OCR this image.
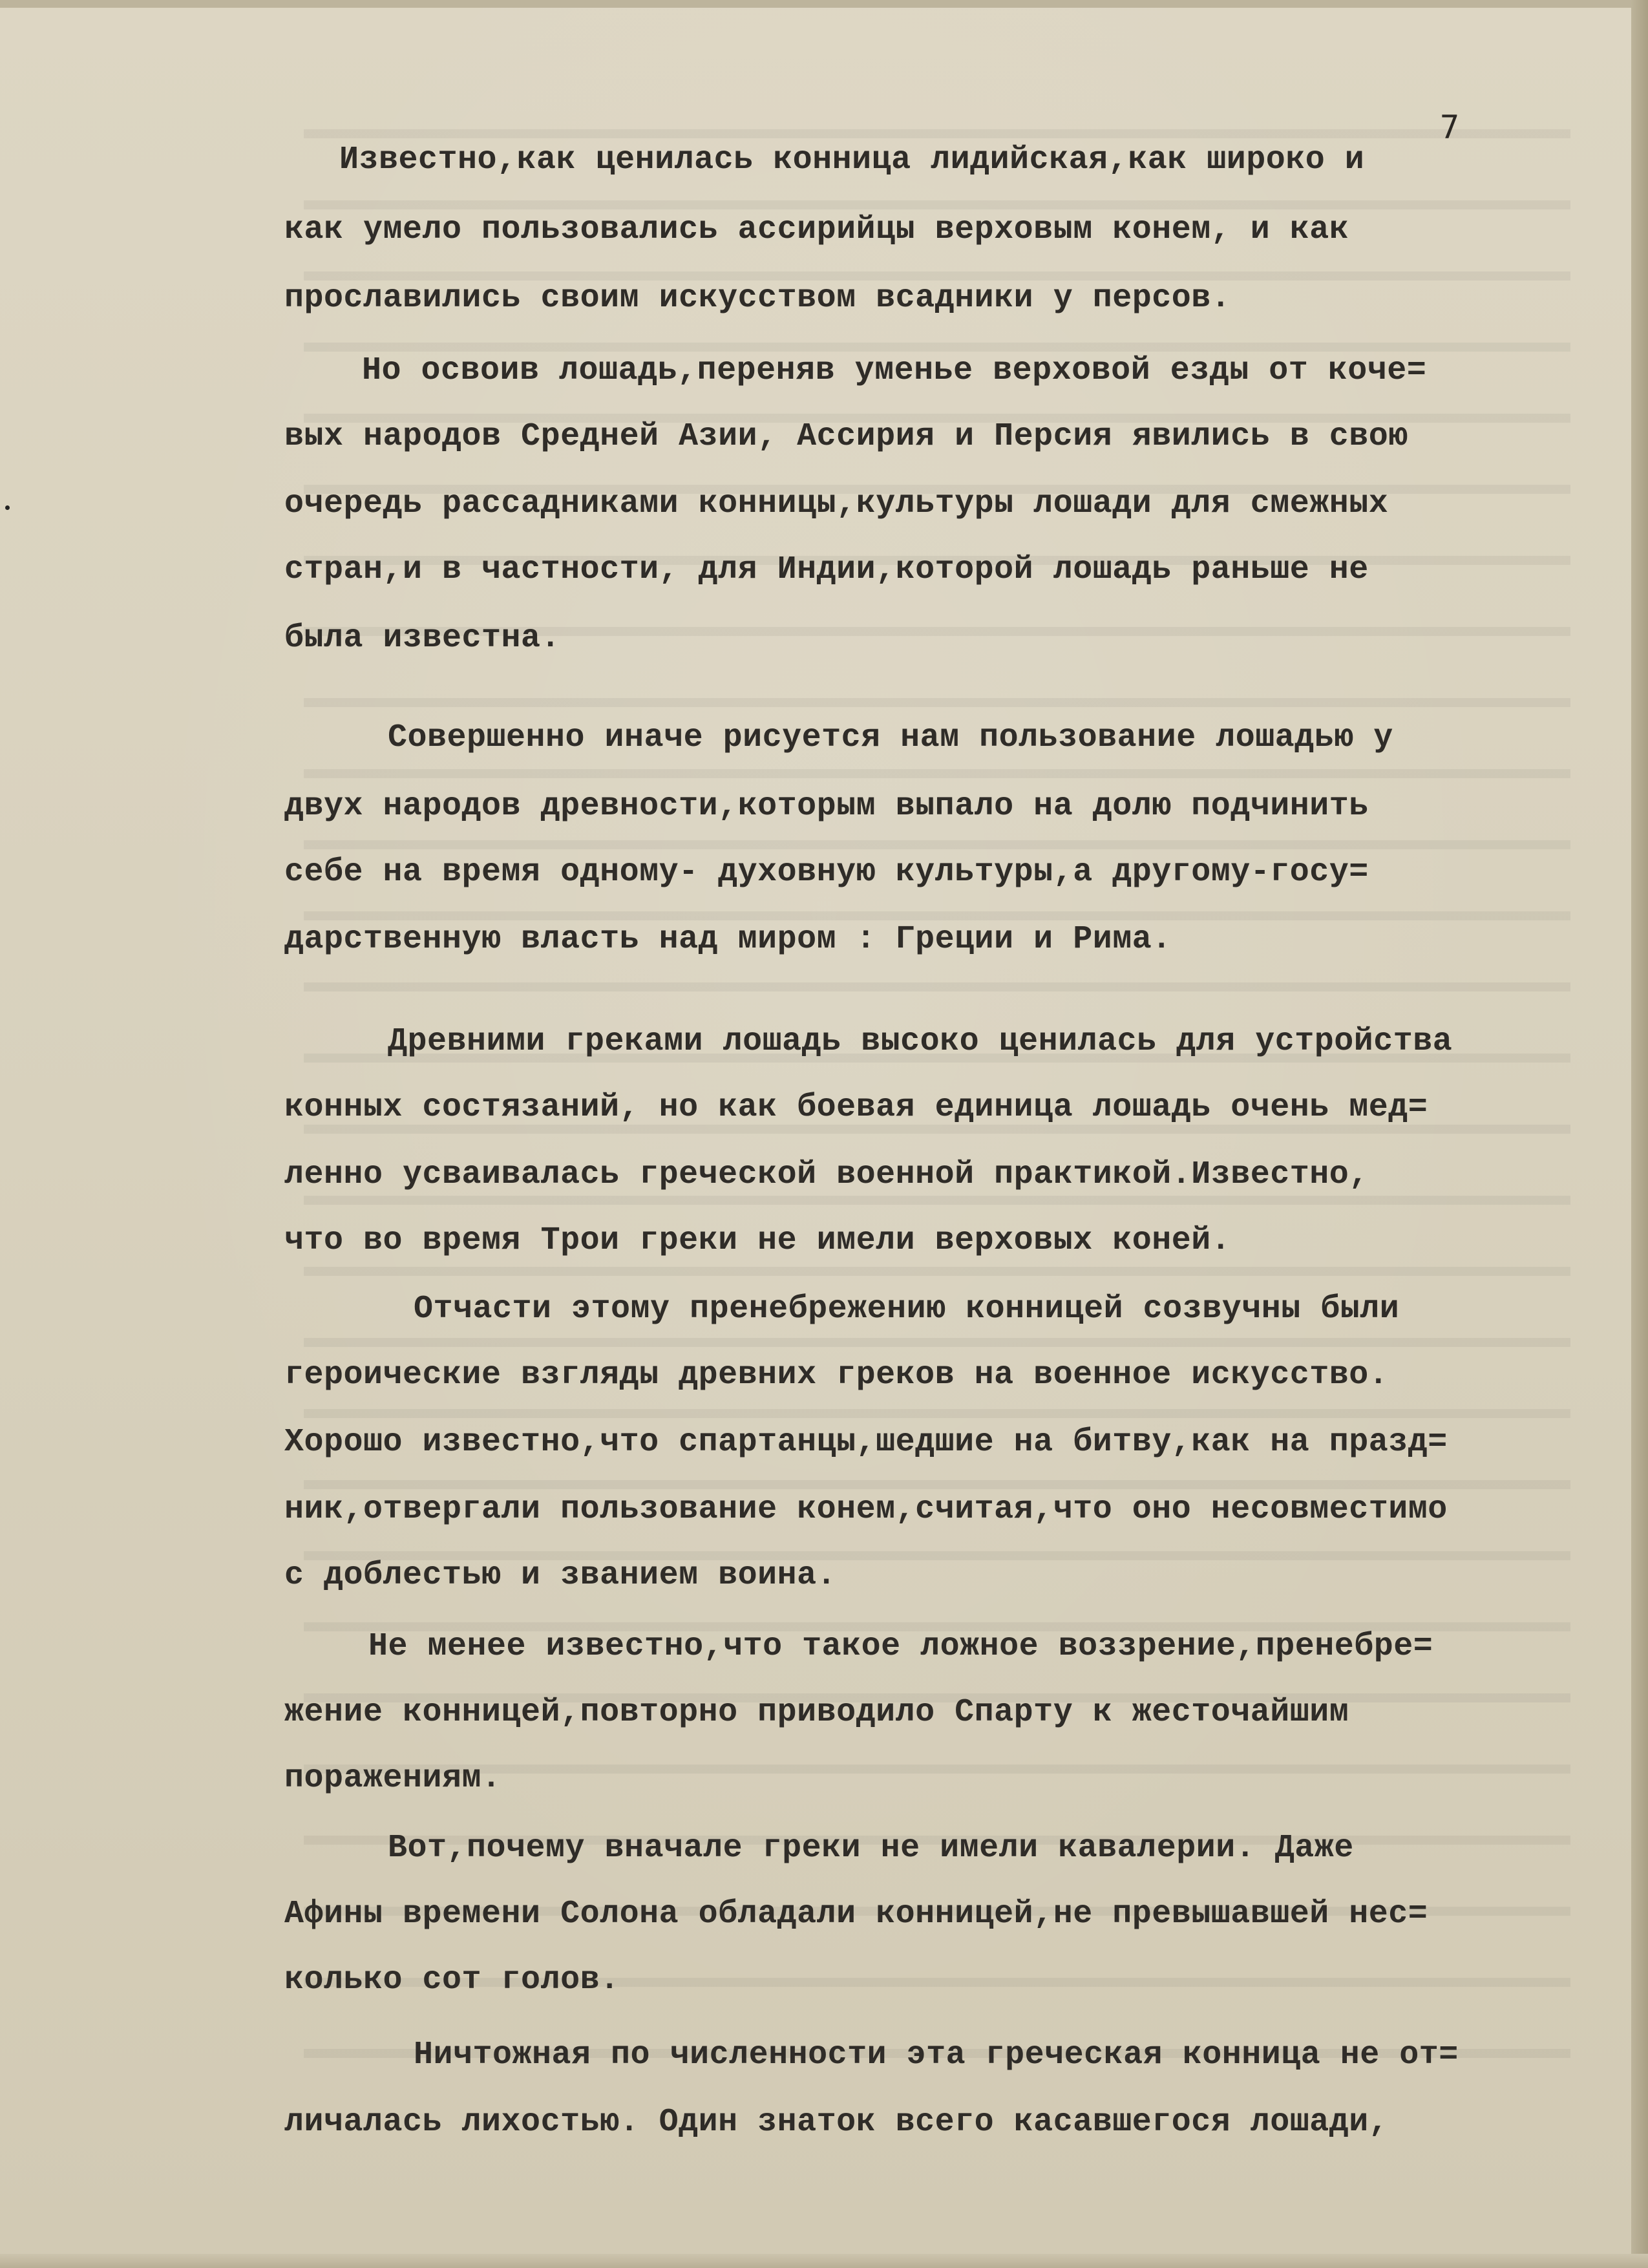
7
Известно,как ценилась конница лидийская,как широко и
как умело пользовались ассирийцы верховым конем, и как
прославились своим искусством всадники у персов.
Но освоив лошадь,переняв уменье верховой езды от коче=
вых народов Средней Азии, Ассирия и Персия явились в свою
очередь рассадниками конницы,культуры лошади для смежных
стран,и в частности, для Индии,которой лошадь раньше не
была известна.
Совершенно иначе рисуется нам пользование лошадью у
двух народов древности,которым выпало на долю подчинить
себе на время одному- духовную культуры,а другому-госу=
дарственную власть над миром : Греции и Рима.
Древними греками лошадь высоко ценилась для устройства
конных состязаний, но как боевая единица лошадь очень мед=
ленно усваивалась греческой военной практикой.Известно,
что во время Трои греки не имели верховых коней.
Отчасти этому пренебрежению конницей созвучны были
героические взгляды древних греков на военное искусство.
Хорошо известно,что спартанцы,шедшие на битву,как на празд=
ник,отвергали пользование конем,считая,что оно несовместимо
с доблестью и званием воина.
Не менее известно,что такое ложное воззрение,пренебре=
жение конницей,повторно приводило Спарту к жесточайшим
поражениям.
Вот,почему вначале греки не имели кавалерии. Даже
Афины времени Солона обладали конницей,не превышавшей нес=
колько сот голов.
Ничтожная по численности эта греческая конница не от=
личалась лихостью. Один знаток всего касавшегося лошади,
